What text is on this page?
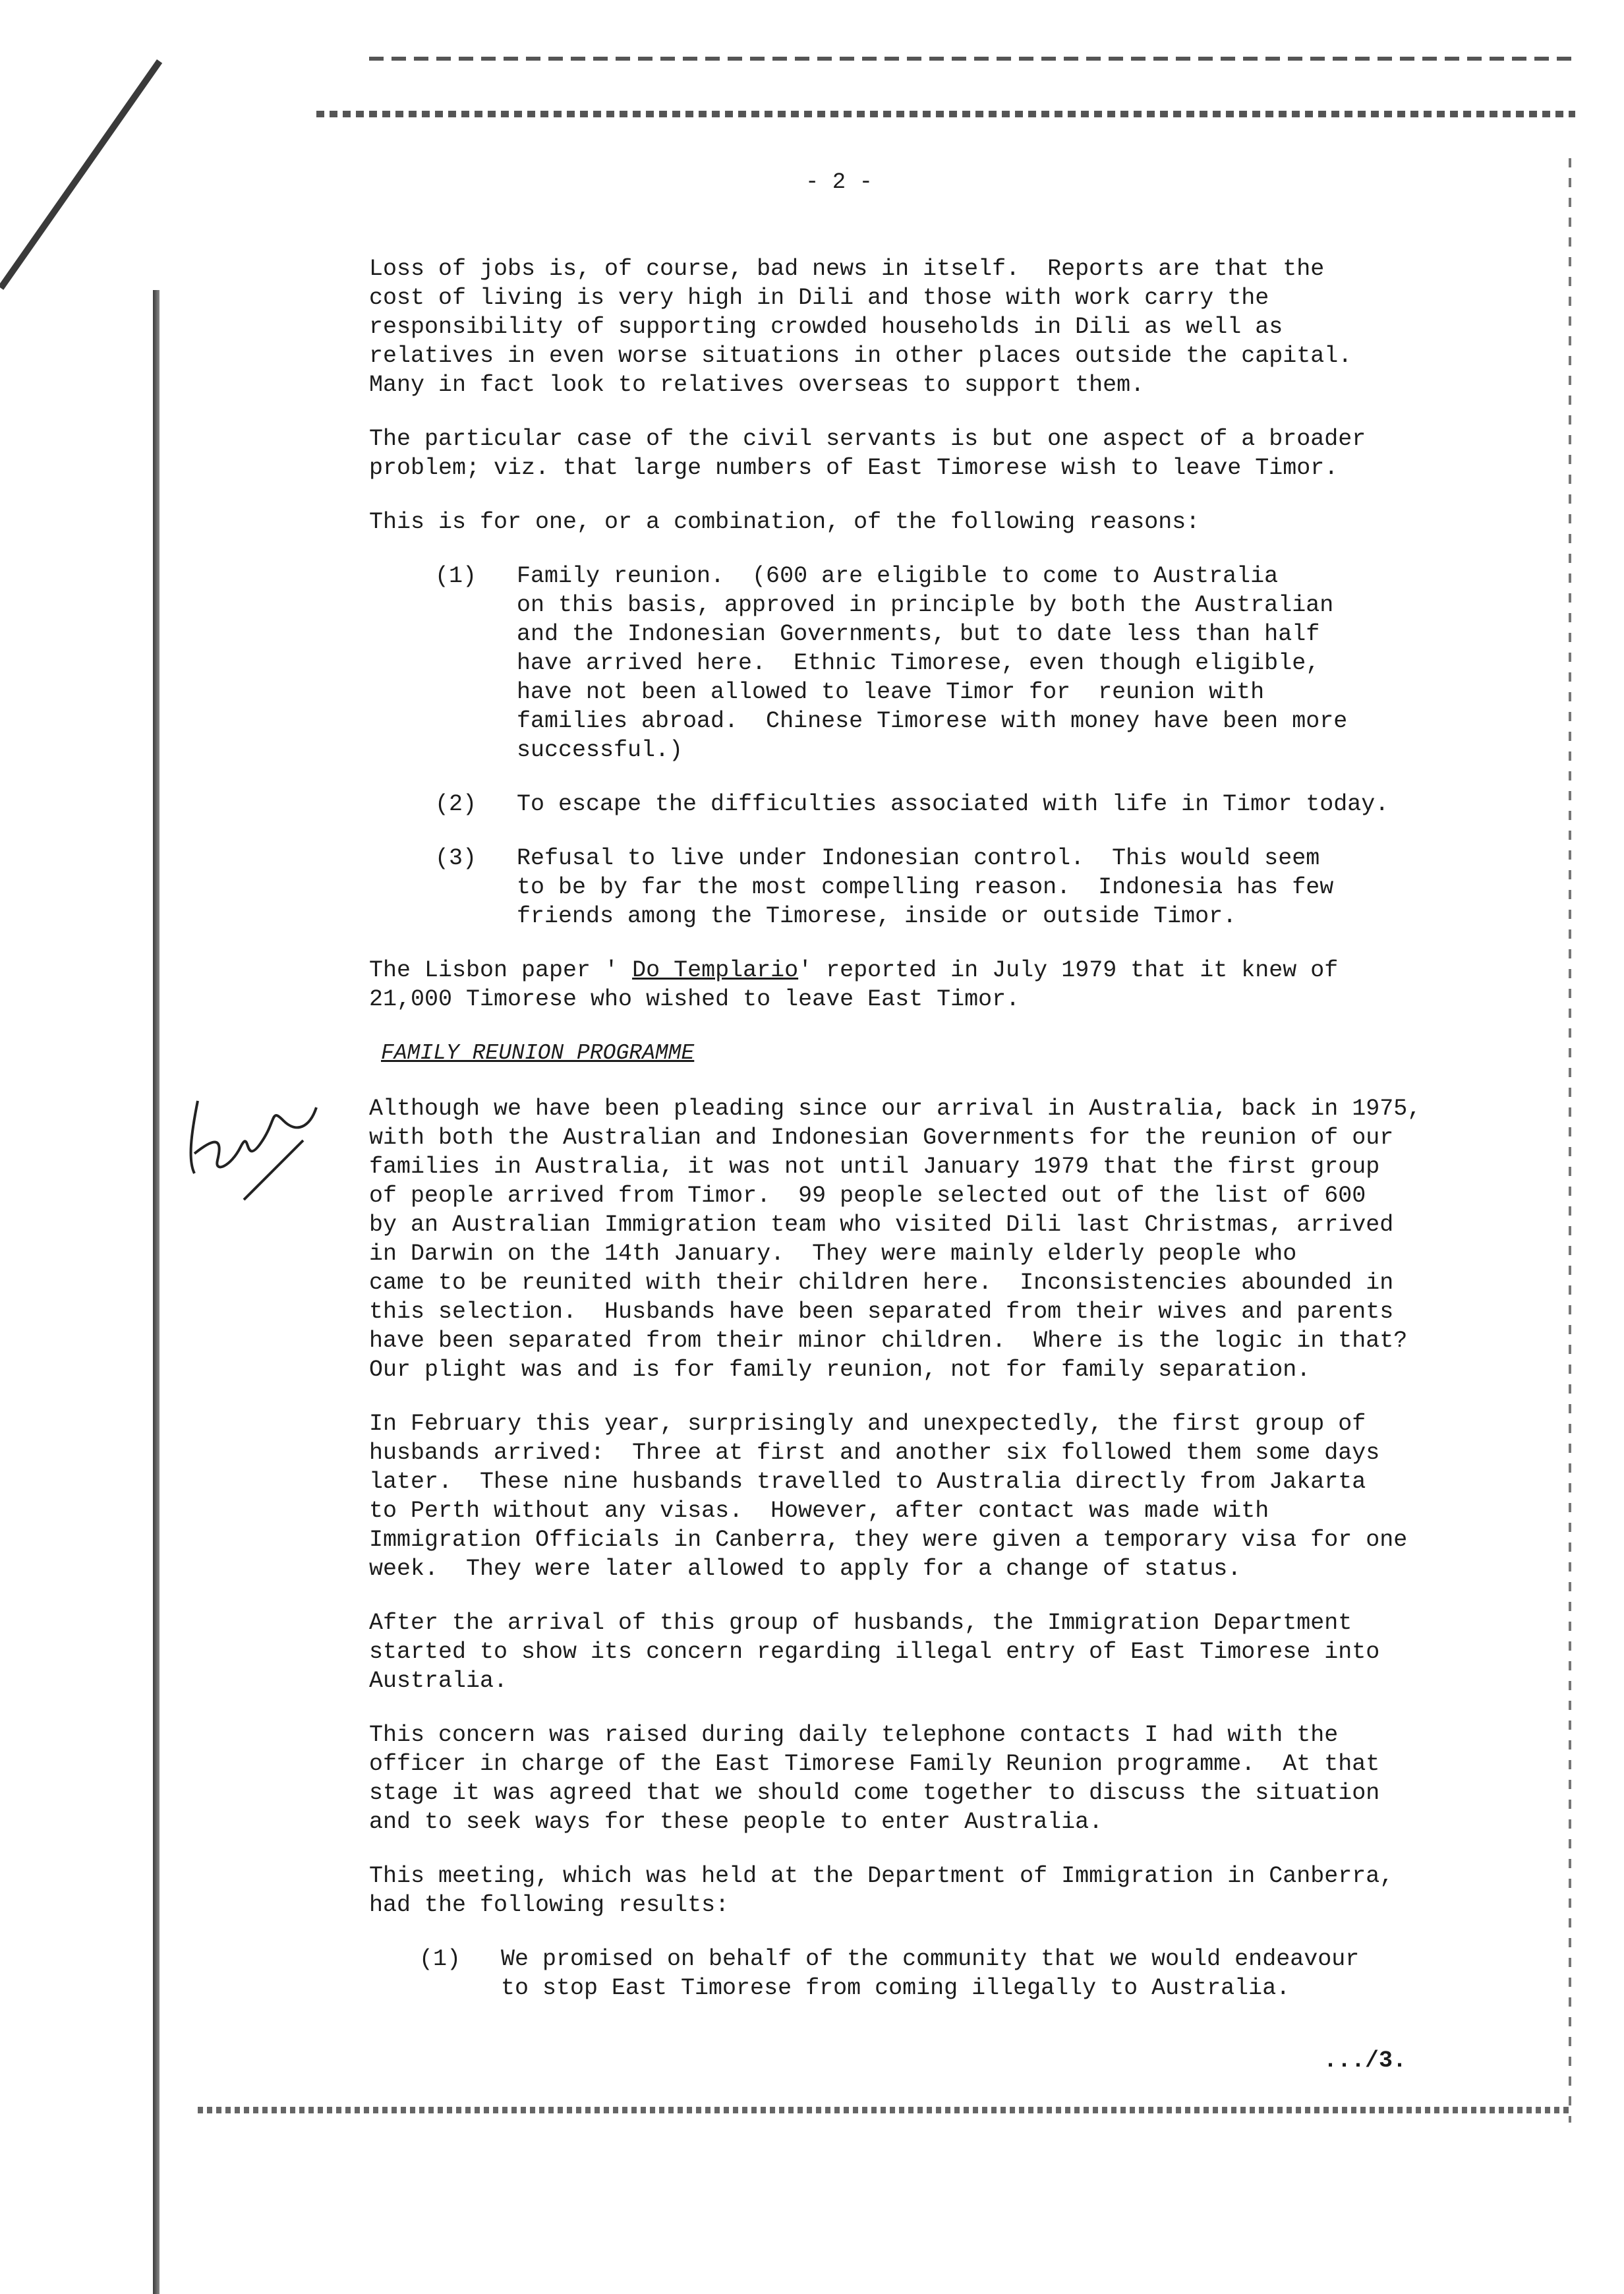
- 2 -

Loss of jobs is, of course, bad news in itself.  Reports are that the
cost of living is very high in Dili and those with work carry the
responsibility of supporting crowded households in Dili as well as
relatives in even worse situations in other places outside the capital.
Many in fact look to relatives overseas to support them.

The particular case of the civil servants is but one aspect of a broader
problem; viz. that large numbers of East Timorese wish to leave Timor.

This is for one, or a combination, of the following reasons:

(1)	Family reunion.  (600 are eligible to come to Australia
on this basis, approved in principle by both the Australian
and the Indonesian Governments, but to date less than half
have arrived here.  Ethnic Timorese, even though eligible,
have not been allowed to leave Timor for  reunion with
families abroad.  Chinese Timorese with money have been more
successful.)
(2)	To escape the difficulties associated with life in Timor today.
(3)	Refusal to live under Indonesian control.  This would seem
to be by far the most compelling reason.  Indonesia has few
friends among the Timorese, inside or outside Timor.

The Lisbon paper ' Do Templario' reported in July 1979 that it knew of
21,000 Timorese who wished to leave East Timor.

FAMILY REUNION PROGRAMME

Although we have been pleading since our arrival in Australia, back in 1975,
with both the Australian and Indonesian Governments for the reunion of our
families in Australia, it was not until January 1979 that the first group
of people arrived from Timor.  99 people selected out of the list of 600
by an Australian Immigration team who visited Dili last Christmas, arrived
in Darwin on the 14th January.  They were mainly elderly people who
came to be reunited with their children here.  Inconsistencies abounded in
this selection.  Husbands have been separated from their wives and parents
have been separated from their minor children.  Where is the logic in that?
Our plight was and is for family reunion, not for family separation.

In February this year, surprisingly and unexpectedly, the first group of
husbands arrived:  Three at first and another six followed them some days
later.  These nine husbands travelled to Australia directly from Jakarta
to Perth without any visas.  However, after contact was made with
Immigration Officials in Canberra, they were given a temporary visa for one
week.  They were later allowed to apply for a change of status.

After the arrival of this group of husbands, the Immigration Department
started to show its concern regarding illegal entry of East Timorese into
Australia.

This concern was raised during daily telephone contacts I had with the
officer in charge of the East Timorese Family Reunion programme.  At that
stage it was agreed that we should come together to discuss the situation
and to seek ways for these people to enter Australia.

This meeting, which was held at the Department of Immigration in Canberra,
had the following results:

(1)	We promised on behalf of the community that we would endeavour
to stop East Timorese from coming illegally to Australia.
.../3.
